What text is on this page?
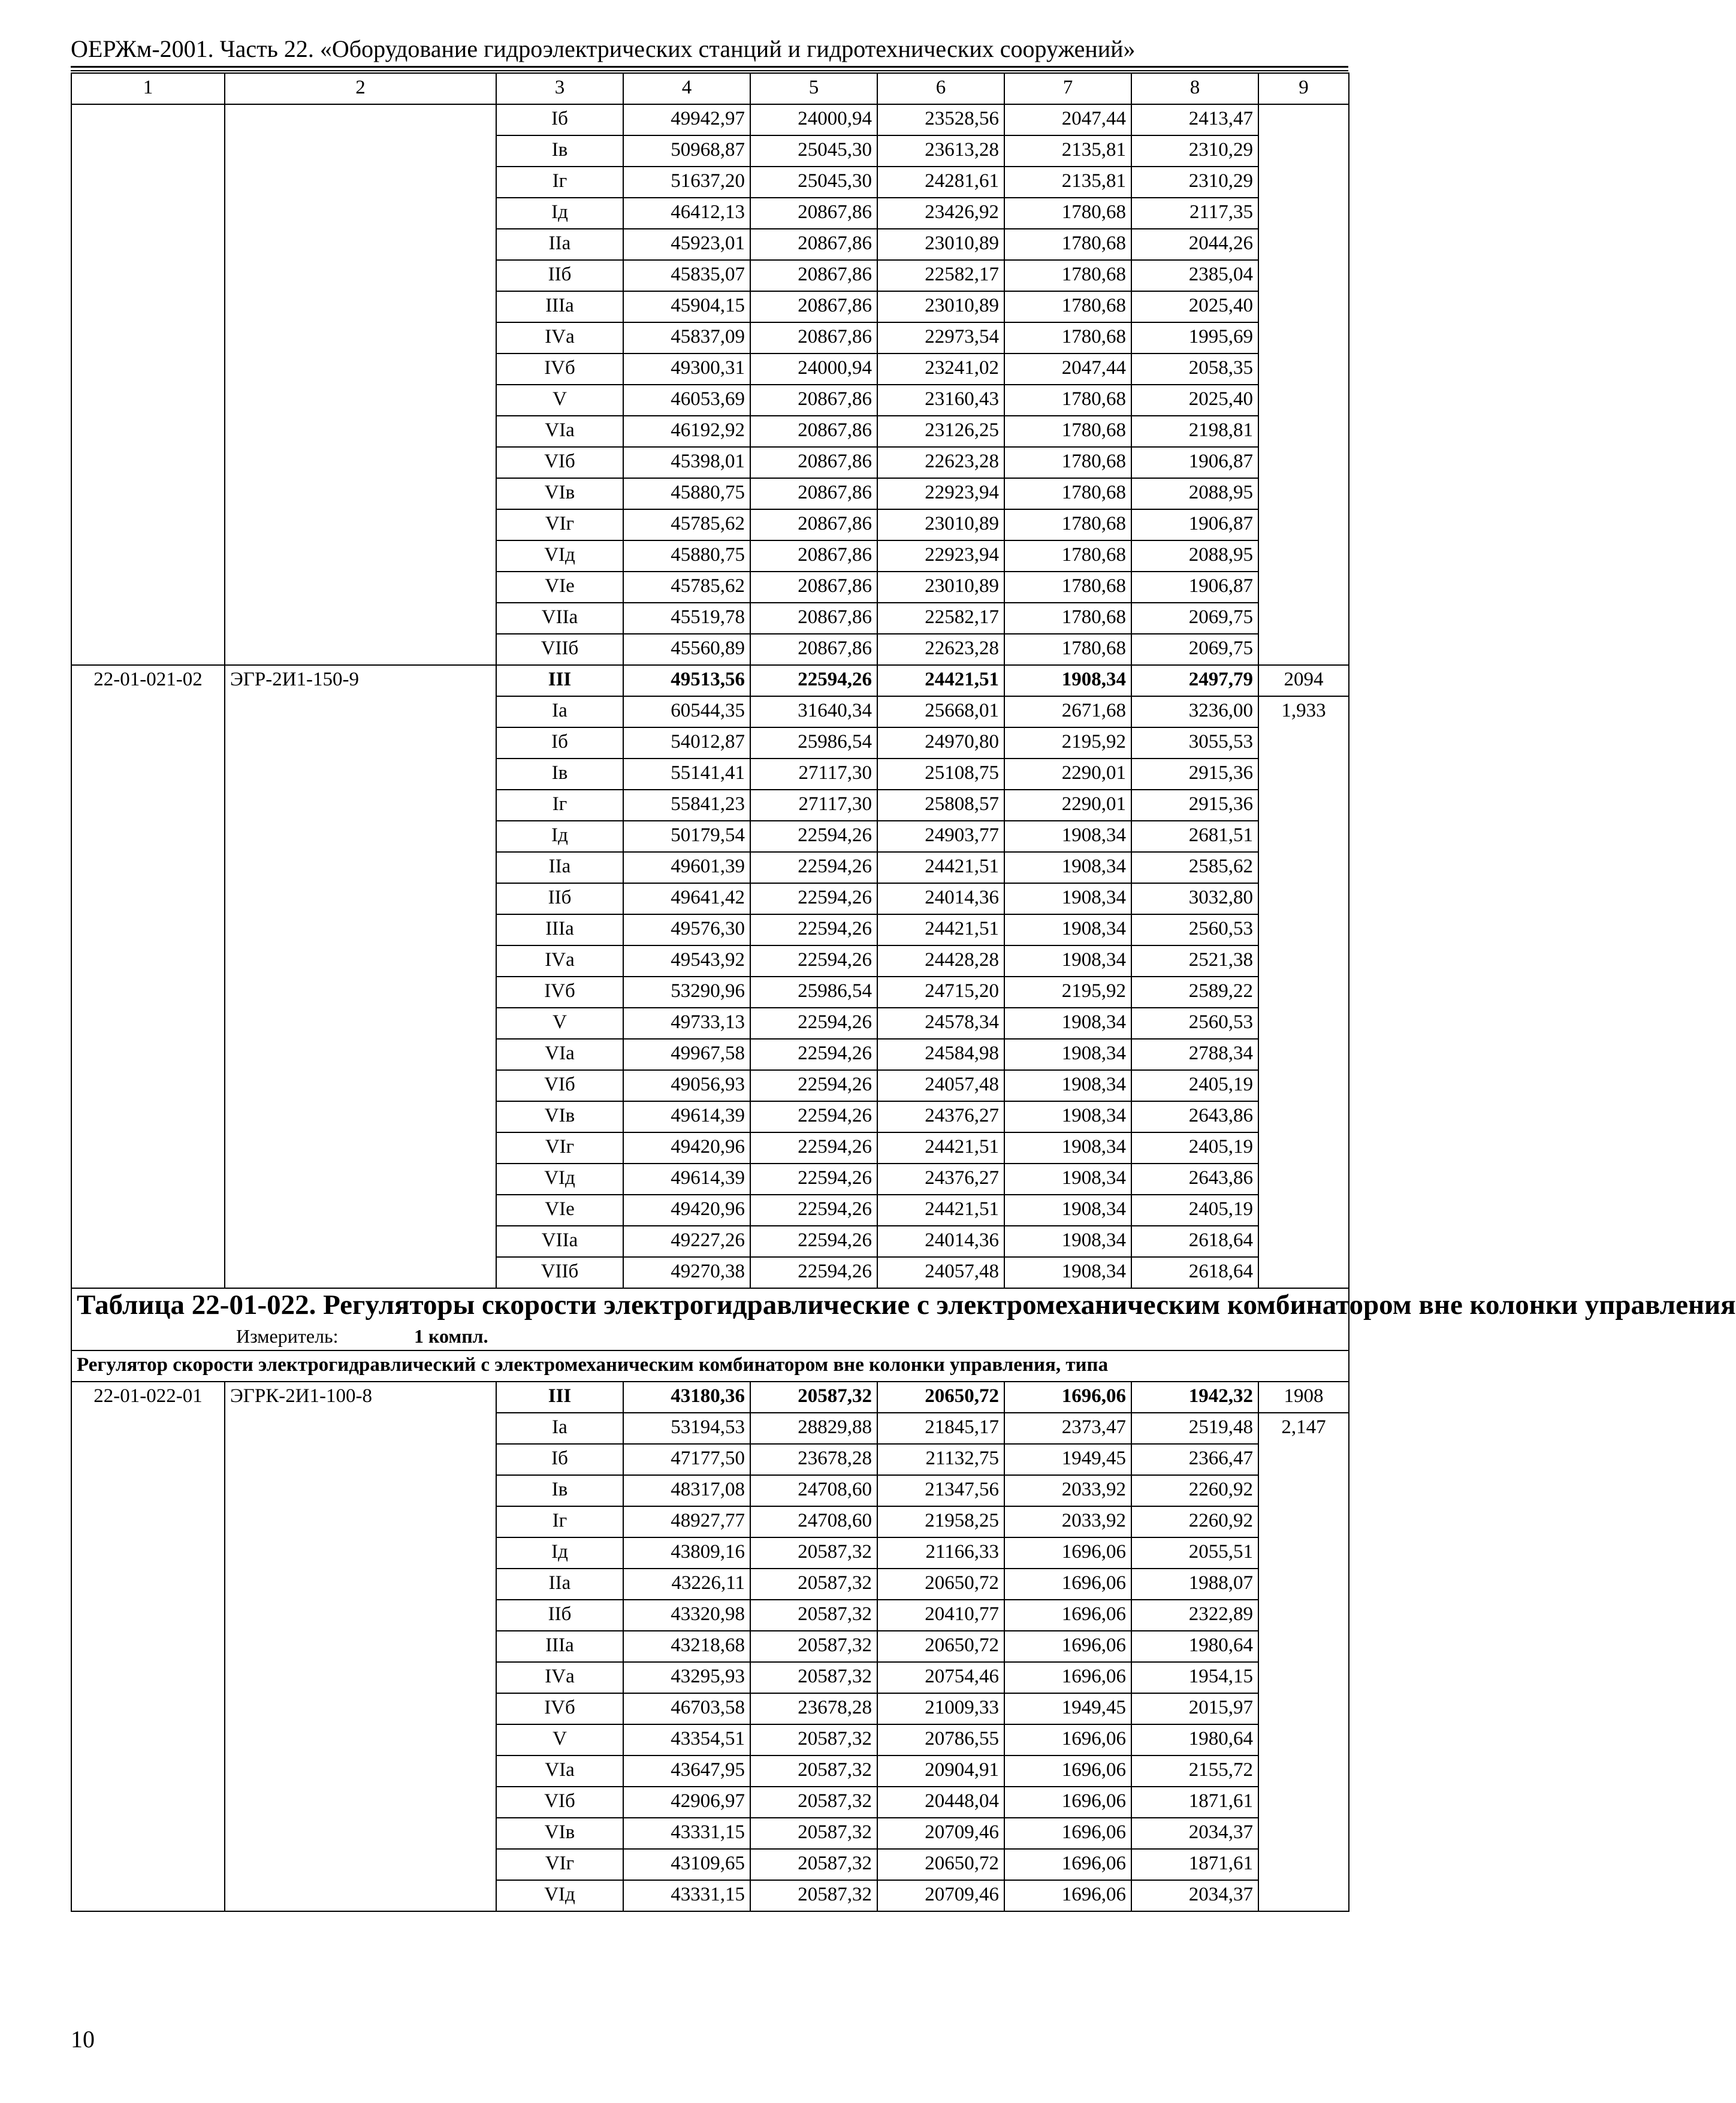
ОЕРЖм-2001. Часть 22. «Оборудование гидроэлектрических станций и гидротехнических сооружений»
1	2	3	4	5	6	7	8	9
		Iб	49942,97	24000,94	23528,56	2047,44	2413,47	
		Iв	50968,87	25045,30	23613,28	2135,81	2310,29	
		Iг	51637,20	25045,30	24281,61	2135,81	2310,29	
		Iд	46412,13	20867,86	23426,92	1780,68	2117,35	
		IIа	45923,01	20867,86	23010,89	1780,68	2044,26	
		IIб	45835,07	20867,86	22582,17	1780,68	2385,04	
		IIIа	45904,15	20867,86	23010,89	1780,68	2025,40	
		IVа	45837,09	20867,86	22973,54	1780,68	1995,69	
		IVб	49300,31	24000,94	23241,02	2047,44	2058,35	
		V	46053,69	20867,86	23160,43	1780,68	2025,40	
		VIа	46192,92	20867,86	23126,25	1780,68	2198,81	
		VIб	45398,01	20867,86	22623,28	1780,68	1906,87	
		VIв	45880,75	20867,86	22923,94	1780,68	2088,95	
		VIг	45785,62	20867,86	23010,89	1780,68	1906,87	
		VIд	45880,75	20867,86	22923,94	1780,68	2088,95	
		VIе	45785,62	20867,86	23010,89	1780,68	1906,87	
		VIIа	45519,78	20867,86	22582,17	1780,68	2069,75	
		VIIб	45560,89	20867,86	22623,28	1780,68	2069,75	
22-01-021-02	ЭГР-2И1-150-9	III	49513,56	22594,26	24421,51	1908,34	2497,79	2094
		Iа	60544,35	31640,34	25668,01	2671,68	3236,00	1,933
		Iб	54012,87	25986,54	24970,80	2195,92	3055,53	
		Iв	55141,41	27117,30	25108,75	2290,01	2915,36	
		Iг	55841,23	27117,30	25808,57	2290,01	2915,36	
		Iд	50179,54	22594,26	24903,77	1908,34	2681,51	
		IIа	49601,39	22594,26	24421,51	1908,34	2585,62	
		IIб	49641,42	22594,26	24014,36	1908,34	3032,80	
		IIIа	49576,30	22594,26	24421,51	1908,34	2560,53	
		IVа	49543,92	22594,26	24428,28	1908,34	2521,38	
		IVб	53290,96	25986,54	24715,20	2195,92	2589,22	
		V	49733,13	22594,26	24578,34	1908,34	2560,53	
		VIа	49967,58	22594,26	24584,98	1908,34	2788,34	
		VIб	49056,93	22594,26	24057,48	1908,34	2405,19	
		VIв	49614,39	22594,26	24376,27	1908,34	2643,86	
		VIг	49420,96	22594,26	24421,51	1908,34	2405,19	
		VIд	49614,39	22594,26	24376,27	1908,34	2643,86	
		VIе	49420,96	22594,26	24421,51	1908,34	2405,19	
		VIIа	49227,26	22594,26	24014,36	1908,34	2618,64	
		VIIб	49270,38	22594,26	24057,48	1908,34	2618,64	

Таблица 22-01-022. Регуляторы скорости электрогидравлические с электромеханическим комбинатором вне колонки управления
Измеритель: 1 компл.								

Регулятор скорости электрогидравлический с электромеханическим комбинатором вне колонки управления, типа								
22-01-022-01	ЭГРК-2И1-100-8	III	43180,36	20587,32	20650,72	1696,06	1942,32	1908
		Iа	53194,53	28829,88	21845,17	2373,47	2519,48	2,147
		Iб	47177,50	23678,28	21132,75	1949,45	2366,47	
		Iв	48317,08	24708,60	21347,56	2033,92	2260,92	
		Iг	48927,77	24708,60	21958,25	2033,92	2260,92	
		Iд	43809,16	20587,32	21166,33	1696,06	2055,51	
		IIа	43226,11	20587,32	20650,72	1696,06	1988,07	
		IIб	43320,98	20587,32	20410,77	1696,06	2322,89	
		IIIа	43218,68	20587,32	20650,72	1696,06	1980,64	
		IVа	43295,93	20587,32	20754,46	1696,06	1954,15	
		IVб	46703,58	23678,28	21009,33	1949,45	2015,97	
		V	43354,51	20587,32	20786,55	1696,06	1980,64	
		VIа	43647,95	20587,32	20904,91	1696,06	2155,72	
		VIб	42906,97	20587,32	20448,04	1696,06	1871,61	
		VIв	43331,15	20587,32	20709,46	1696,06	2034,37	
		VIг	43109,65	20587,32	20650,72	1696,06	1871,61	
		VIд	43331,15	20587,32	20709,46	1696,06	2034,37	
10
